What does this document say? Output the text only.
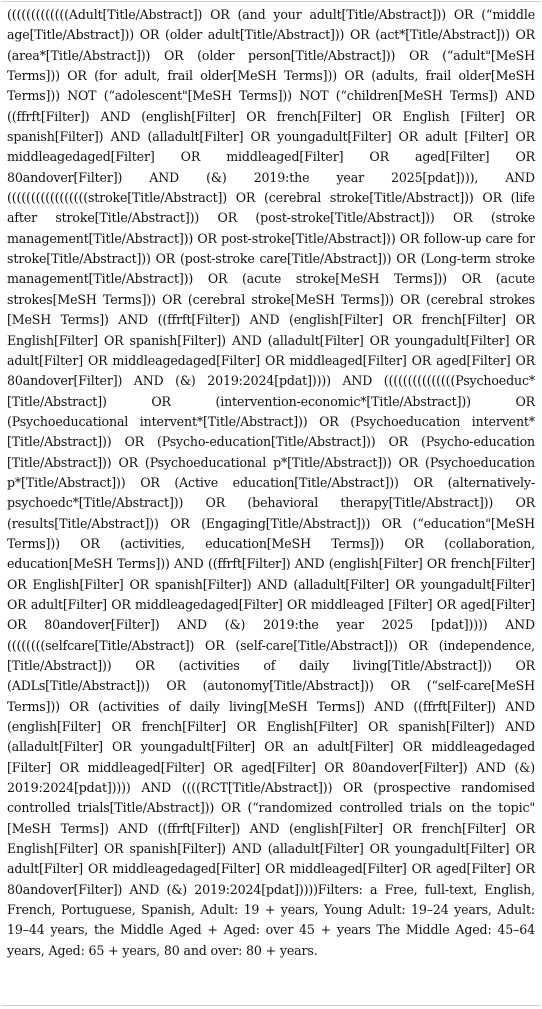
(((((((((((((Adult[Title/Abstract]) OR (and your adult[Title/Abstract])) OR (“middle age[Title/Abstract])) OR (older adult[Title/Abstract])) OR (act*[Title/Abstract])) OR (area*[Title/Abstract])) OR (older person[Title/Abstract])) OR (“adult"[MeSH Terms])) OR (for adult, frail older[MeSH Terms])) OR (adults, frail older[MeSH Terms])) NOT (“adolescent"[MeSH Terms])) NOT (“children[MeSH Terms]) AND ((ffrft[Filter]) AND (english[Filter] OR french[Filter] OR English [Filter] OR spanish[Filter]) AND (alladult[Filter] OR youngadult[Filter] OR adult [Filter] OR middleagedaged[Filter] OR middleaged[Filter] OR aged[Filter] OR 80andover[Filter]) AND (&) 2019:the year 2025[pdat]))), AND (((((((((((((((((stroke[Title/Abstract]) OR (cerebral stroke[Title/Abstract])) OR (life after stroke[Title/Abstract])) OR (post-stroke[Title/Abstract])) OR (stroke management[Title/Abstract])) OR post-stroke[Title/Abstract])) OR follow-up care for stroke[Title/Abstract])) OR (post-stroke care[Title/Abstract])) OR (Long-term stroke management[Title/Abstract])) OR (acute stroke[MeSH Terms])) OR (acute strokes[MeSH Terms])) OR (cerebral stroke[MeSH Terms])) OR (cerebral strokes [MeSH Terms]) AND ((ffrft[Filter]) AND (english[Filter] OR french[Filter] OR English[Filter] OR spanish[Filter]) AND (alladult[Filter] OR youngadult[Filter] OR adult[Filter] OR middleagedaged[Filter] OR middleaged[Filter] OR aged[Filter] OR 80andover[Filter]) AND (&) 2019:2024[pdat])))) AND (((((((((((((((Psychoeduc*[Title/Abstract]) OR (intervention-economic*[Title/Abstract])) OR (Psychoeducational intervent*[Title/Abstract])) OR (Psychoeducation intervent*[Title/Abstract])) OR (Psycho-education[Title/Abstract])) OR (Psycho-education [Title/Abstract])) OR (Psychoeducational p*[Title/Abstract])) OR (Psychoeducation p*[Title/Abstract])) OR (Active education[Title/Abstract])) OR (alternatively-psychoedc*[Title/Abstract])) OR (behavioral therapy[Title/Abstract])) OR (results[Title/Abstract])) OR (Engaging[Title/Abstract])) OR (“education"[MeSH Terms])) OR (activities, education[MeSH Terms])) OR (collaboration, education[MeSH Terms])) AND ((ffrft[Filter]) AND (english[Filter] OR french[Filter] OR English[Filter] OR spanish[Filter]) AND (alladult[Filter] OR youngadult[Filter] OR adult[Filter] OR middleagedaged[Filter] OR middleaged [Filter] OR aged[Filter] OR 80andover[Filter]) AND (&) 2019:the year 2025 [pdat])))) AND ((((((((selfcare[Title/Abstract]) OR (self-care[Title/Abstract])) OR (independence, [Title/Abstract])) OR (activities of daily living[Title/Abstract])) OR (ADLs[Title/Abstract])) OR (autonomy[Title/Abstract])) OR (“self-care[MeSH Terms])) OR (activities of daily living[MeSH Terms]) AND ((ffrft[Filter]) AND (english[Filter] OR french[Filter] OR English[Filter] OR spanish[Filter]) AND (alladult[Filter] OR youngadult[Filter] OR an adult[Filter] OR middleagedaged [Filter] OR middleaged[Filter] OR aged[Filter] OR 80andover[Filter]) AND (&) 2019:2024[pdat])))) AND ((((RCT[Title/Abstract])) OR (prospective randomised controlled trials[Title/Abstract])) OR (“randomized controlled trials on the topic"[MeSH Terms]) AND ((ffrft[Filter]) AND (english[Filter] OR french[Filter] OR English[Filter] OR spanish[Filter]) AND (alladult[Filter] OR youngadult[Filter] OR adult[Filter] OR middleagedaged[Filter] OR middleaged[Filter] OR aged[Filter] OR 80andover[Filter]) AND (&) 2019:2024[pdat]))))Filters: a Free, full-text, English, French, Portuguese, Spanish, Adult: 19 + years, Young Adult: 19–24 years, Adult: 19–44 years, the Middle Aged + Aged: over 45 + years The Middle Aged: 45–64 years, Aged: 65 + years, 80 and over: 80 + years.
